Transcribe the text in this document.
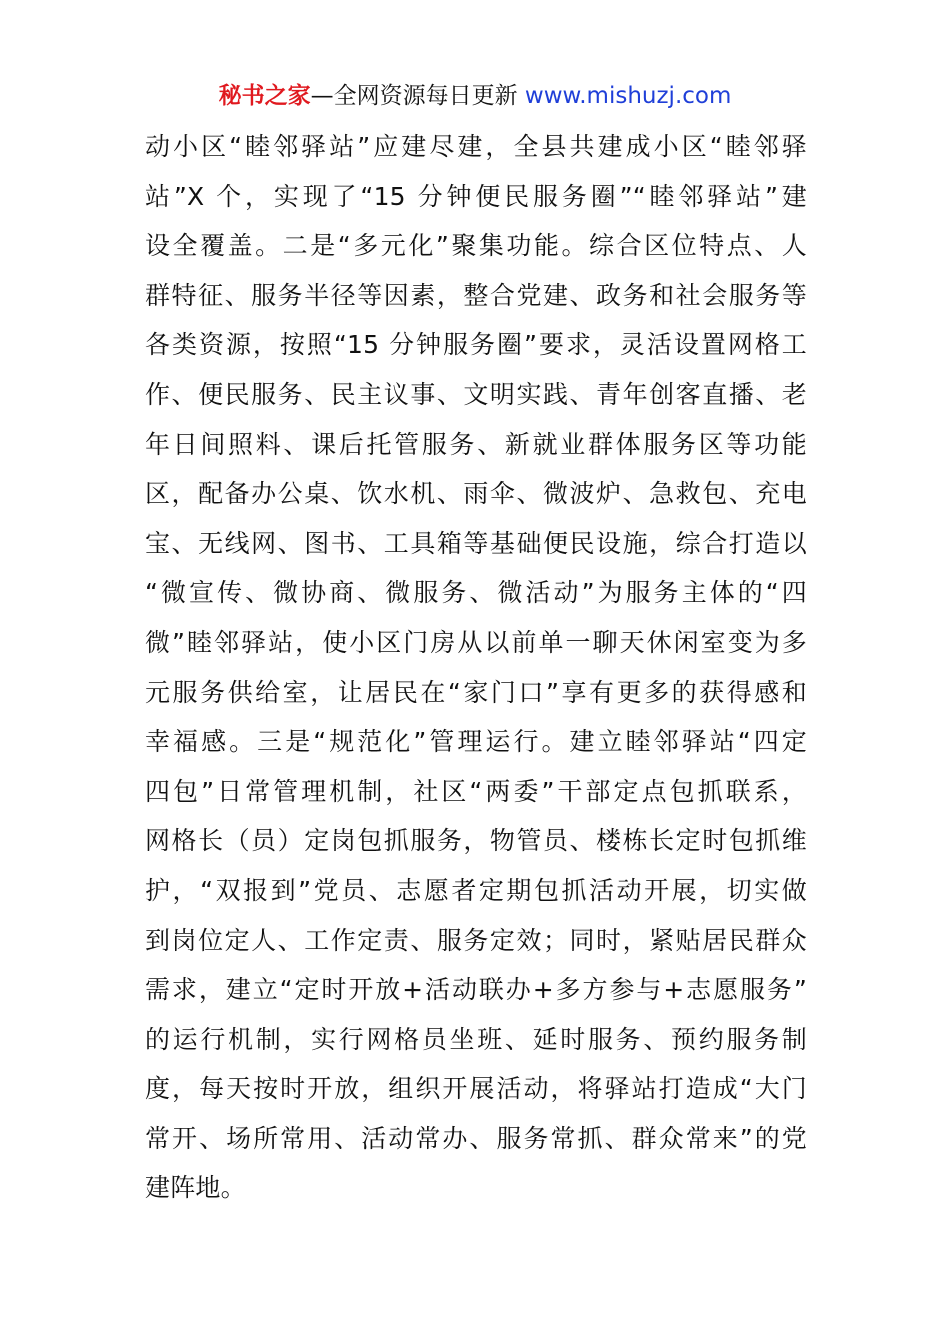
秘书之家—全网资源每日更新 www.mishuzj.com
动小区“睦邻驿站”应建尽建，全县共建成小区“睦邻驿
站”X 个，实现了“15 分钟便民服务圈”“睦邻驿站”建
设全覆盖。二是“多元化”聚集功能。综合区位特点、人
群特征、服务半径等因素，整合党建、政务和社会服务等
各类资源，按照“15 分钟服务圈”要求，灵活设置网格工
作、便民服务、民主议事、文明实践、青年创客直播、老
年日间照料、课后托管服务、新就业群体服务区等功能
区，配备办公桌、饮水机、雨伞、微波炉、急救包、充电
宝、无线网、图书、工具箱等基础便民设施，综合打造以
“微宣传、微协商、微服务、微活动”为服务主体的“四
微”睦邻驿站，使小区门房从以前单一聊天休闲室变为多
元服务供给室，让居民在“家门口”享有更多的获得感和
幸福感。三是“规范化”管理运行。建立睦邻驿站“四定
四包”日常管理机制，社区“两委”干部定点包抓联系，
网格长（员）定岗包抓服务，物管员、楼栋长定时包抓维
护，“双报到”党员、志愿者定期包抓活动开展，切实做
到岗位定人、工作定责、服务定效；同时，紧贴居民群众
需求，建立“定时开放+活动联办+多方参与+志愿服务”
的运行机制，实行网格员坐班、延时服务、预约服务制
度，每天按时开放，组织开展活动，将驿站打造成“大门
常开、场所常用、活动常办、服务常抓、群众常来”的党
建阵地。
